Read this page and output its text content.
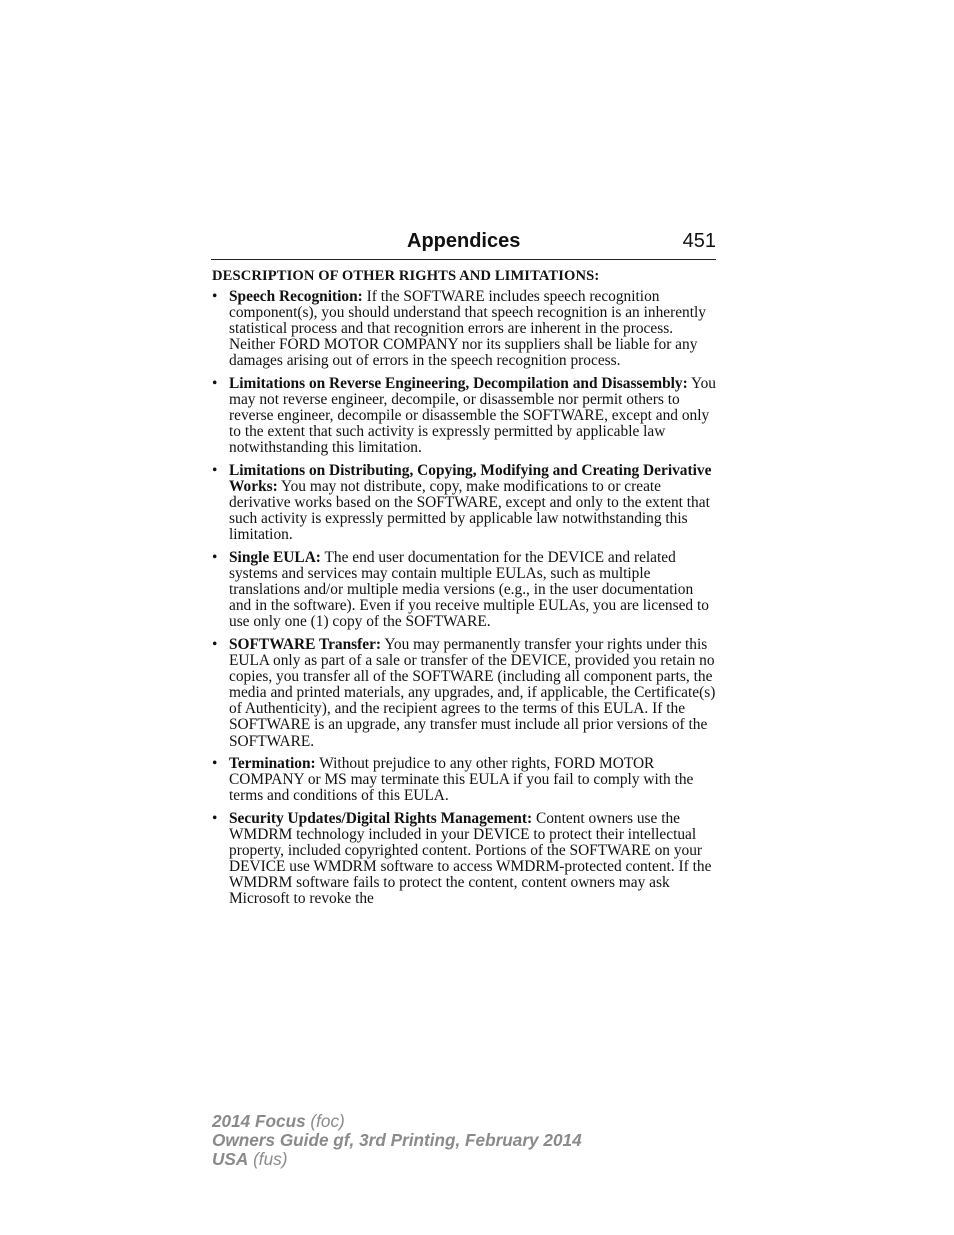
Appendices	451
DESCRIPTION OF OTHER RIGHTS AND LIMITATIONS:
• Speech Recognition: If the SOFTWARE includes speech recognition component(s), you should understand that speech recognition is an inherently statistical process and that recognition errors are inherent in the process. Neither FORD MOTOR COMPANY nor its suppliers shall be liable for any damages arising out of errors in the speech recognition process.
• Limitations on Reverse Engineering, Decompilation and Disassembly: You may not reverse engineer, decompile, or disassemble nor permit others to reverse engineer, decompile or disassemble the SOFTWARE, except and only to the extent that such activity is expressly permitted by applicable law notwithstanding this limitation.
• Limitations on Distributing, Copying, Modifying and Creating Derivative Works: You may not distribute, copy, make modifications to or create derivative works based on the SOFTWARE, except and only to the extent that such activity is expressly permitted by applicable law notwithstanding this limitation.
• Single EULA: The end user documentation for the DEVICE and related systems and services may contain multiple EULAs, such as multiple translations and/or multiple media versions (e.g., in the user documentation and in the software). Even if you receive multiple EULAs, you are licensed to use only one (1) copy of the SOFTWARE.
• SOFTWARE Transfer: You may permanently transfer your rights under this EULA only as part of a sale or transfer of the DEVICE, provided you retain no copies, you transfer all of the SOFTWARE (including all component parts, the media and printed materials, any upgrades, and, if applicable, the Certificate(s) of Authenticity), and the recipient agrees to the terms of this EULA. If the SOFTWARE is an upgrade, any transfer must include all prior versions of the SOFTWARE.
• Termination: Without prejudice to any other rights, FORD MOTOR COMPANY or MS may terminate this EULA if you fail to comply with the terms and conditions of this EULA.
• Security Updates/Digital Rights Management: Content owners use the WMDRM technology included in your DEVICE to protect their intellectual property, included copyrighted content. Portions of the SOFTWARE on your DEVICE use WMDRM software to access WMDRM-protected content. If the WMDRM software fails to protect the content, content owners may ask Microsoft to revoke the
2014 Focus (foc)
Owners Guide gf, 3rd Printing, February 2014
USA (fus)
